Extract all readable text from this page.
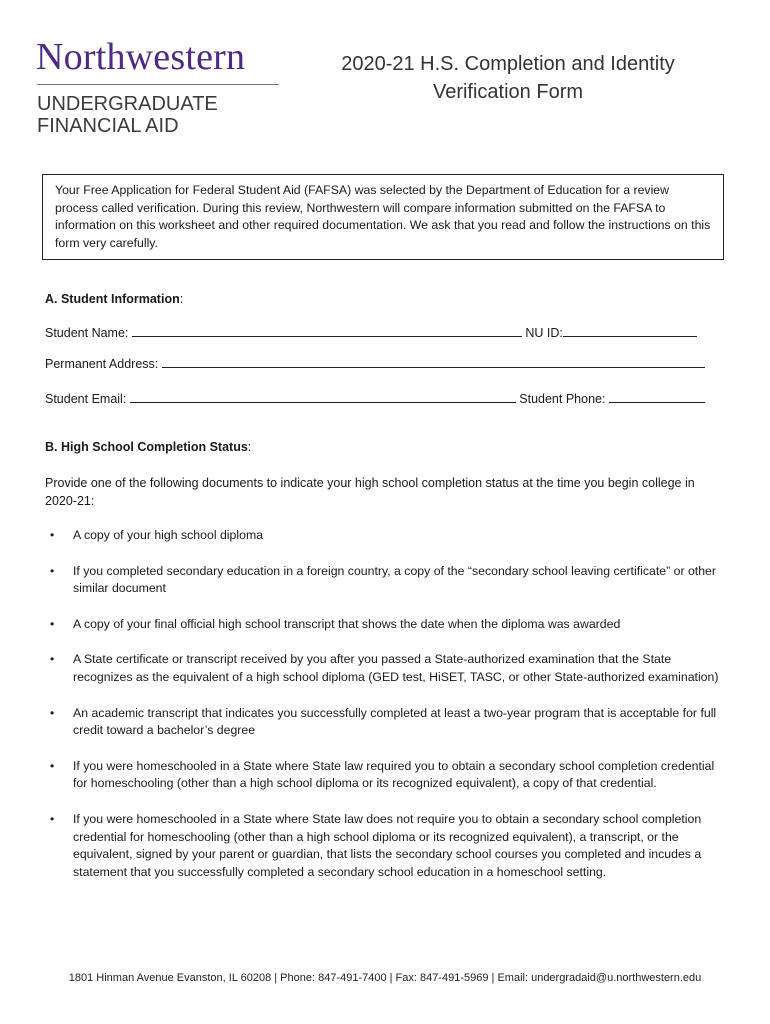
Northwestern
UNDERGRADUATE
FINANCIAL AID
2020-21 H.S. Completion and Identity Verification Form
Your Free Application for Federal Student Aid (FAFSA) was selected by the Department of Education for a review process called verification. During this review, Northwestern will compare information submitted on the FAFSA to information on this worksheet and other required documentation. We ask that you read and follow the instructions on this form very carefully.
A. Student Information:
Student Name:	NU ID:
Permanent Address:
Student Email:	Student Phone:
B. High School Completion Status:
Provide one of the following documents to indicate your high school completion status at the time you begin college in 2020-21:
• A copy of your high school diploma
• If you completed secondary education in a foreign country, a copy of the “secondary school leaving certificate” or other similar document
• A copy of your final official high school transcript that shows the date when the diploma was awarded
• A State certificate or transcript received by you after you passed a State-authorized examination that the State recognizes as the equivalent of a high school diploma (GED test, HiSET, TASC, or other State-authorized examination)
• An academic transcript that indicates you successfully completed at least a two-year program that is acceptable for full credit toward a bachelor’s degree
• If you were homeschooled in a State where State law required you to obtain a secondary school completion credential for homeschooling (other than a high school diploma or its recognized equivalent), a copy of that credential.
• If you were homeschooled in a State where State law does not require you to obtain a secondary school completion credential for homeschooling (other than a high school diploma or its recognized equivalent), a transcript, or the equivalent, signed by your parent or guardian, that lists the secondary school courses you completed and incudes a statement that you successfully completed a secondary school education in a homeschool setting.
1801 Hinman Avenue Evanston, IL 60208 | Phone: 847-491-7400 | Fax: 847-491-5969 | Email: undergradaid@u.northwestern.edu
